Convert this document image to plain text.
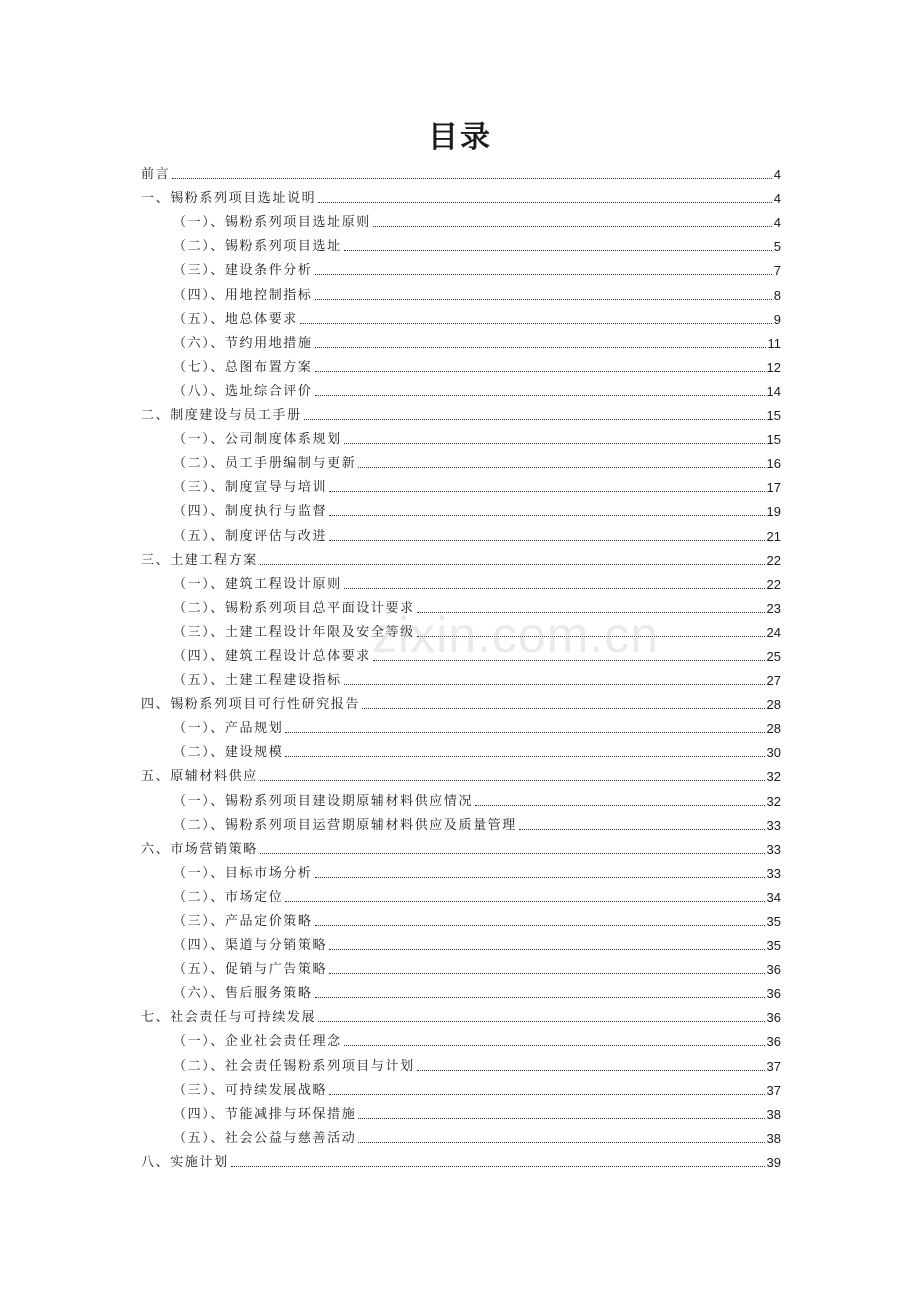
目录
前言	4
一、锡粉系列项目选址说明	4
（一）、锡粉系列项目选址原则	4
（二）、锡粉系列项目选址	5
（三）、建设条件分析	7
（四）、用地控制指标	8
（五）、地总体要求	9
（六）、节约用地措施	11
（七）、总图布置方案	12
（八）、选址综合评价	14
二、制度建设与员工手册	15
（一）、公司制度体系规划	15
（二）、员工手册编制与更新	16
（三）、制度宣导与培训	17
（四）、制度执行与监督	19
（五）、制度评估与改进	21
三、土建工程方案	22
（一）、建筑工程设计原则	22
（二）、锡粉系列项目总平面设计要求	23
（三）、土建工程设计年限及安全等级	24
（四）、建筑工程设计总体要求	25
（五）、土建工程建设指标	27
四、锡粉系列项目可行性研究报告	28
（一）、产品规划	28
（二）、建设规模	30
五、原辅材料供应	32
（一）、锡粉系列项目建设期原辅材料供应情况	32
（二）、锡粉系列项目运营期原辅材料供应及质量管理	33
六、市场营销策略	33
（一）、目标市场分析	33
（二）、市场定位	34
（三）、产品定价策略	35
（四）、渠道与分销策略	35
（五）、促销与广告策略	36
（六）、售后服务策略	36
七、社会责任与可持续发展	36
（一）、企业社会责任理念	36
（二）、社会责任锡粉系列项目与计划	37
（三）、可持续发展战略	37
（四）、节能减排与环保措施	38
（五）、社会公益与慈善活动	38
八、实施计划	39
zixin.com.cn
